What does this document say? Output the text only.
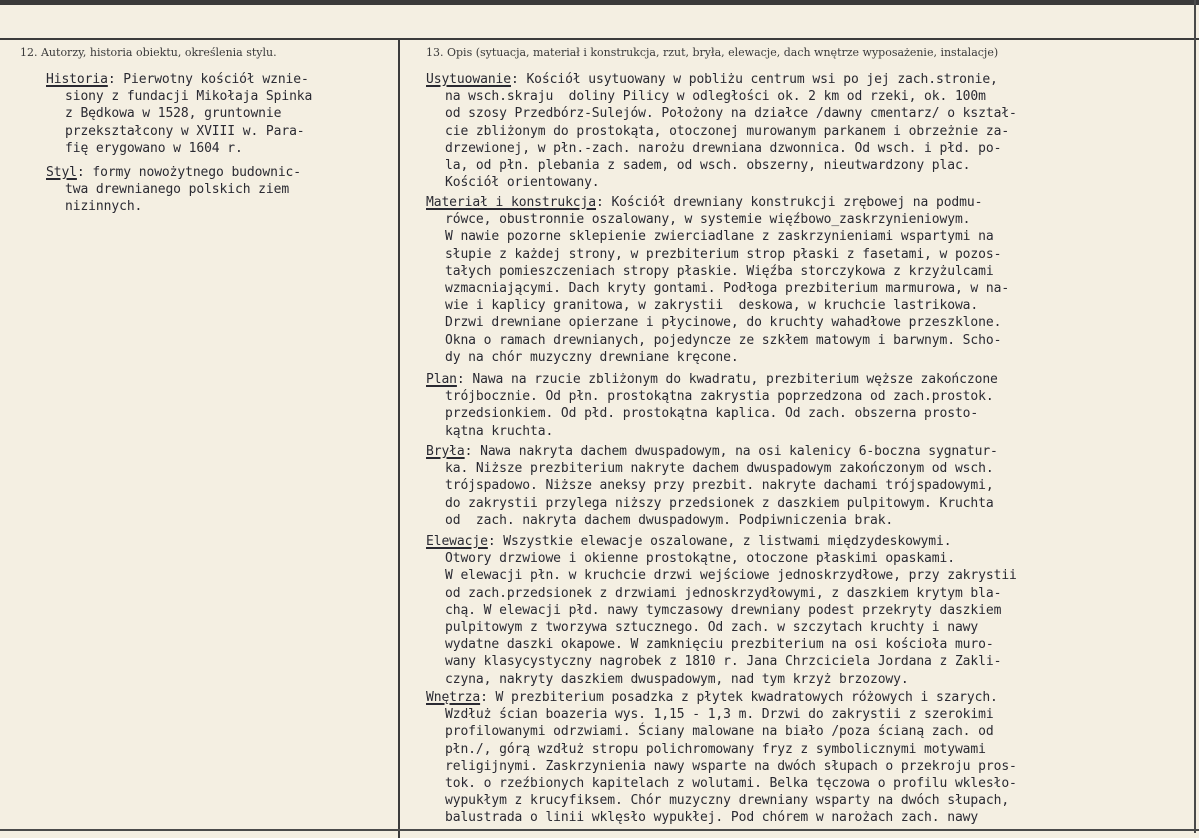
12. Autorzy, historia obiektu, określenia stylu.	13. Opis (sytuacja, materiał i konstrukcja, rzut, bryła, elewacje, dach wnętrze wyposażenie, instalacje)
Historia: Pierwotny kościół wznie-
sionу z fundacji Mikołaja Spinka
z Będkowa w 1528, gruntownie
przekształcony w XVIII w. Para-
fię erygowano w 1604 r.
Styl: formy nowożytnego budownic-
twa drewnianego polskich ziem
nizinnych.
Usytuowanie: Kościół usytuowany w pobliżu centrum wsi po jej zach.stronie,
na wsch.skraju  doliny Pilicy w odległości ok. 2 km od rzeki, ok. 100m
od szosy Przedbórz-Sulejów. Położony na działce /dawny cmentarz/ o kształ-
cie zbliżonym do prostokąta, otoczonej murowanym parkanem i obrzeżnie za-
drzewionej, w płn.-zach. narożu drewniana dzwonnica. Od wsch. i płd. po-
la, od płn. plebania z sadem, od wsch. obszerny, nieutwardzony plac.
Kościół orientowany.
Materiał i konstrukcja: Kościół drewniany konstrukcji zrębowej na podmu-
rówce, obustronnie oszalowany, w systemie więźbowo_zaskrzynieniowym.
W nawie pozorne sklepienie zwierciadlane z zaskrzynieniami wspartymi na
słupie z każdej strony, w prezbiterium strop płaski z fasetami, w pozos-
tałych pomieszczeniach stropy płaskie. Więźba storczykowa z krzyżulcami
wzmacniającymi. Dach kryty gontami. Podłoga prezbiterium marmurowa, w na-
wie i kaplicy granitowa, w zakrystii  deskowa, w kruchcie lastrikowa.
Drzwi drewniane opierzane i płycinowe, do kruchty wahadłowe przeszklone.
Okna o ramach drewnianych, pojedyncze ze szkłem matowym i barwnym. Scho-
dy na chór muzyczny drewniane kręcone.
Plan: Nawa na rzucie zbliżonym do kwadratu, prezbiterium węższe zakończone
trójbocznie. Od płn. prostokątna zakrystia poprzedzona od zach.prostok.
przedsionkiem. Od płd. prostokątna kaplica. Od zach. obszerna prosto-
kątna kruchta.
Bryła: Nawa nakryta dachem dwuspadowym, na osi kalenicy 6-boczna sygnatur-
ka. Niższe prezbiterium nakryte dachem dwuspadowym zakończonym od wsch.
trójspadowo. Niższe aneksy przy prezbit. nakryte dachami trójspadowymi,
do zakrystii przylega niższy przedsionek z daszkiem pulpitowym. Kruchta
od  zach. nakryta dachem dwuspadowym. Podpiwniczenia brak.
Elewacje: Wszystkie elewacje oszalowane, z listwami międzydeskowymi.
Otwory drzwiowe i okienne prostokątne, otoczone płaskimi opaskami.
W elewacji płn. w kruchcie drzwi wejściowe jednoskrzydłowe, przy zakrystii
od zach.przedsionek z drzwiami jednoskrzydłowymi, z daszkiem krytym bla-
chą. W elewacji płd. nawy tymczasowy drewniany podest przekryty daszkiem
pulpitowym z tworzywa sztucznego. Od zach. w szczytach kruchty i nawy
wydatne daszki okapowe. W zamknięciu prezbiterium na osi kościoła muro-
wany klasycystyczny nagrobek z 1810 r. Jana Chrzciciela Jordana z Zakli-
czyna, nakryty daszkiem dwuspadowym, nad tym krzyż brzozowy.
Wnętrza: W prezbiterium posadzka z płytek kwadratowych różowych i szarych.
Wzdłuż ścian boazeria wys. 1,15 - 1,3 m. Drzwi do zakrystii z szerokimi
profilowanymi odrzwiami. Ściany malowane na biało /poza ścianą zach. od
płn./, górą wzdłuż stropu polichromowany fryz z symbolicznymi motywami
religijnymi. Zaskrzynienia nawy wsparte na dwóch słupach o przekroju pros-
tok. o rzeźbionych kapitelach z wolutami. Belka tęczowa o profilu wklesło-
wypukłym z krucyfiksem. Chór muzyczny drewniany wsparty na dwóch słupach,
balustrada o linii wklęsło wypukłej. Pod chórem w narożach zach. nawy
